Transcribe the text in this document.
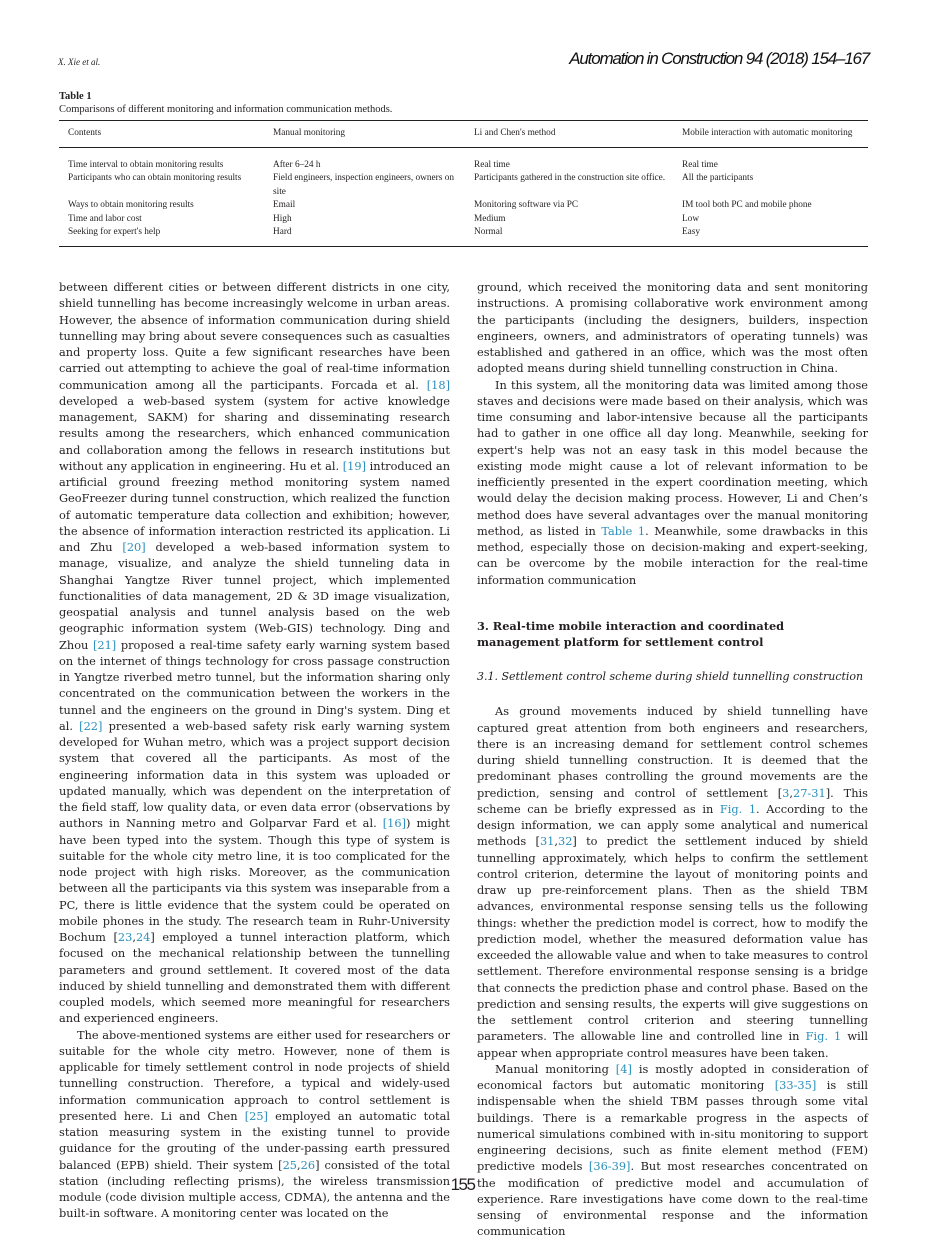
X. Xie et al.	Automation in Construction 94 (2018) 154–167
Table 1
Comparisons of different monitoring and information communication methods.
Contents	Manual monitoring	Li and Chen's method	Mobile interaction with automatic monitoring

Time interval to obtain monitoring results	After 6–24 h	Real time	Real time

Participants who can obtain monitoring results	Field engineers, inspection engineers, owners on site	Participants gathered in the construction site office.	All the participants

Ways to obtain monitoring results	Email	Monitoring software via PC	IM tool both PC and mobile phone

Time and labor cost	High	Medium	Low

Seeking for expert's help	Hard	Normal	Easy

between different cities or between different districts in one city, shield tunnelling has become increasingly welcome in urban areas. However, the absence of information communication during shield tunnelling may bring about severe consequences such as casualties and property loss. Quite a few significant researches have been carried out attempting to achieve the goal of real-time information communication among all the participants. Forcada et al. [18] developed a web-based system (system for active knowledge management, SAKM) for sharing and disseminating research results among the researchers, which enhanced communication and collaboration among the fellows in research institutions but without any application in engineering. Hu et al. [19] introduced an artificial ground freezing method monitoring system named GeoFreezer during tunnel construction, which realized the function of automatic temperature data collection and exhibition; however, the absence of information interaction restricted its application. Li and Zhu [20] developed a web-based information system to manage, visualize, and analyze the shield tunneling data in Shanghai Yangtze River tunnel project, which implemented functionalities of data management, 2D & 3D image visualization, geospatial analysis and tunnel analysis based on the web geographic information system (Web-GIS) technology. Ding and Zhou [21] proposed a real-time safety early warning system based on the internet of things technology for cross passage construction in Yangtze riverbed metro tunnel, but the information sharing only concentrated on the communication between the workers in the tunnel and the engineers on the ground in Ding's system. Ding et al. [22] presented a web-based safety risk early warning system developed for Wuhan metro, which was a project support decision system that covered all the participants. As most of the engineering information data in this system was uploaded or updated manually, which was dependent on the interpretation of the field staff, low quality data, or even data error (observations by authors in Nanning metro and Golparvar Fard et al. [16]) might have been typed into the system. Though this type of system is suitable for the whole city metro line, it is too complicated for the node project with high risks. Moreover, as the communication between all the participants via this system was inseparable from a PC, there is little evidence that the system could be operated on mobile phones in the study. The research team in Ruhr-University Bochum [23,24] employed a tunnel interaction platform, which focused on the mechanical relationship between the tunnelling parameters and ground settlement. It covered most of the data induced by shield tunnelling and demonstrated them with different coupled models, which seemed more meaningful for researchers and experienced engineers.

The above-mentioned systems are either used for researchers or suitable for the whole city metro. However, none of them is applicable for timely settlement control in node projects of shield tunnelling construction. Therefore, a typical and widely-used information communication approach to control settlement is presented here. Li and Chen [25] employed an automatic total station measuring system in the existing tunnel to provide guidance for the grouting of the under-passing earth pressured balanced (EPB) shield. Their system [25,26] consisted of the total station (including reflecting prisms), the wireless transmission module (code division multiple access, CDMA), the antenna and the built-in software. A monitoring center was located on the

ground, which received the monitoring data and sent monitoring instructions. A promising collaborative work environment among the participants (including the designers, builders, inspection engineers, owners, and administrators of operating tunnels) was established and gathered in an office, which was the most often adopted means during shield tunnelling construction in China.

In this system, all the monitoring data was limited among those staves and decisions were made based on their analysis, which was time consuming and labor-intensive because all the participants had to gather in one office all day long. Meanwhile, seeking for expert's help was not an easy task in this model because the existing mode might cause a lot of relevant information to be inefficiently presented in the expert coordination meeting, which would delay the decision making process. However, Li and Chen’s method does have several advantages over the manual monitoring method, as listed in Table 1. Meanwhile, some drawbacks in this method, especially those on decision-making and expert-seeking, can be overcome by the mobile interaction for the real-time information communication

3. Real-time mobile interaction and coordinated management platform for settlement control
3.1. Settlement control scheme during shield tunnelling construction

As ground movements induced by shield tunnelling have captured great attention from both engineers and researchers, there is an increasing demand for settlement control schemes during shield tunnelling construction. It is deemed that the predominant phases controlling the ground movements are the prediction, sensing and control of settlement [3,27-31]. This scheme can be briefly expressed as in Fig. 1. According to the design information, we can apply some analytical and numerical methods [31,32] to predict the settlement induced by shield tunnelling approximately, which helps to confirm the settlement control criterion, determine the layout of monitoring points and draw up pre-reinforcement plans. Then as the shield TBM advances, environmental response sensing tells us the following things: whether the prediction model is correct, how to modify the prediction model, whether the measured deformation value has exceeded the allowable value and when to take measures to control settlement. Therefore environmental response sensing is a bridge that connects the prediction phase and control phase. Based on the prediction and sensing results, the experts will give suggestions on the settlement control criterion and steering tunnelling parameters. The allowable line and controlled line in Fig. 1 will appear when appropriate control measures have been taken.

Manual monitoring [4] is mostly adopted in consideration of economical factors but automatic monitoring [33-35] is still indispensable when the shield TBM passes through some vital buildings. There is a remarkable progress in the aspects of numerical simulations combined with in-situ monitoring to support engineering decisions, such as finite element method (FEM) predictive models [36-39]. But most researches concentrated on the modification of predictive model and accumulation of experience. Rare investigations have come down to the real-time sensing of environmental response and the information communication

155
